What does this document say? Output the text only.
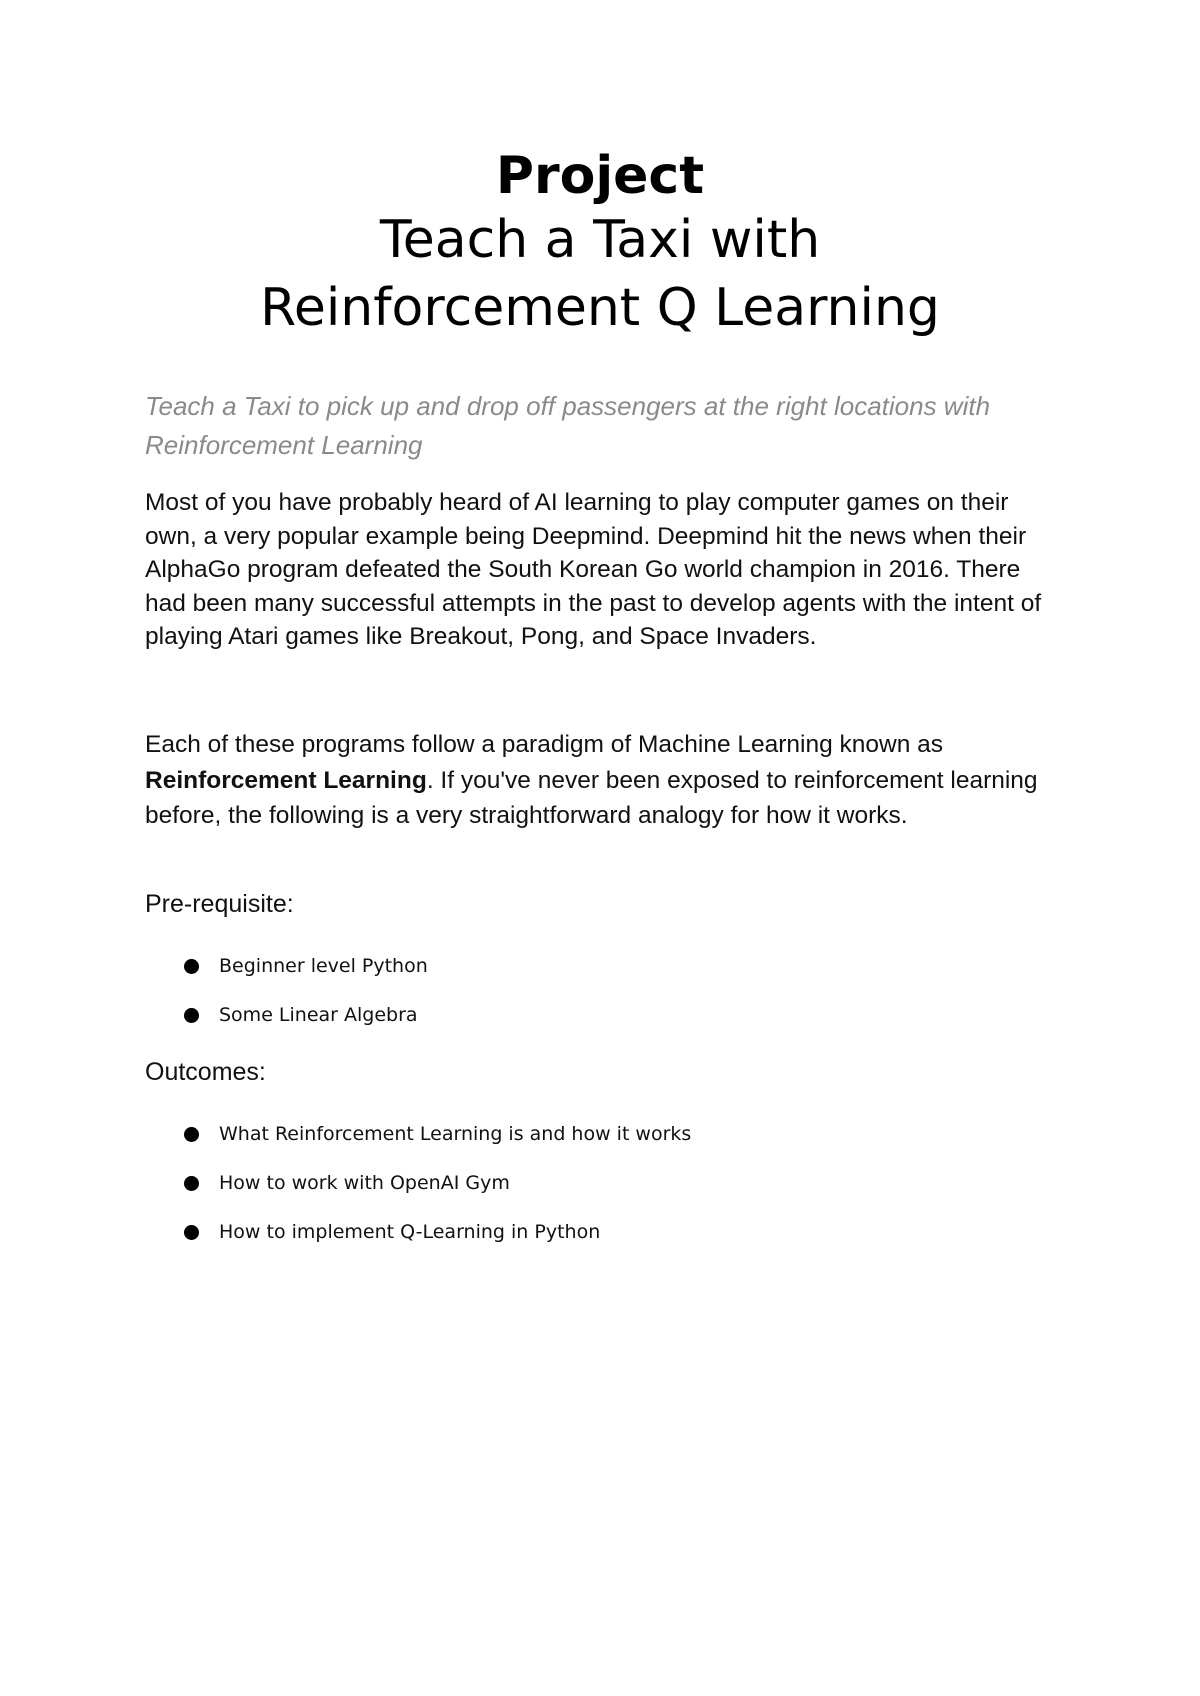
Project

Teach a Taxi with

Reinforcement Q Learning

Teach a Taxi to pick up and drop off passengers at the right locations with Reinforcement Learning

Most of you have probably heard of AI learning to play computer games on their own, a very popular example being Deepmind. Deepmind hit the news when their AlphaGo program defeated the South Korean Go world champion in 2016. There had been many successful attempts in the past to develop agents with the intent of playing Atari games like Breakout, Pong, and Space Invaders.

Each of these programs follow a paradigm of Machine Learning known as Reinforcement Learning. If you've never been exposed to reinforcement learning before, the following is a very straightforward analogy for how it works.

Pre-requisite:

Beginner level Python
Some Linear Algebra

Outcomes:

What Reinforcement Learning is and how it works
How to work with OpenAI Gym
How to implement Q-Learning in Python
